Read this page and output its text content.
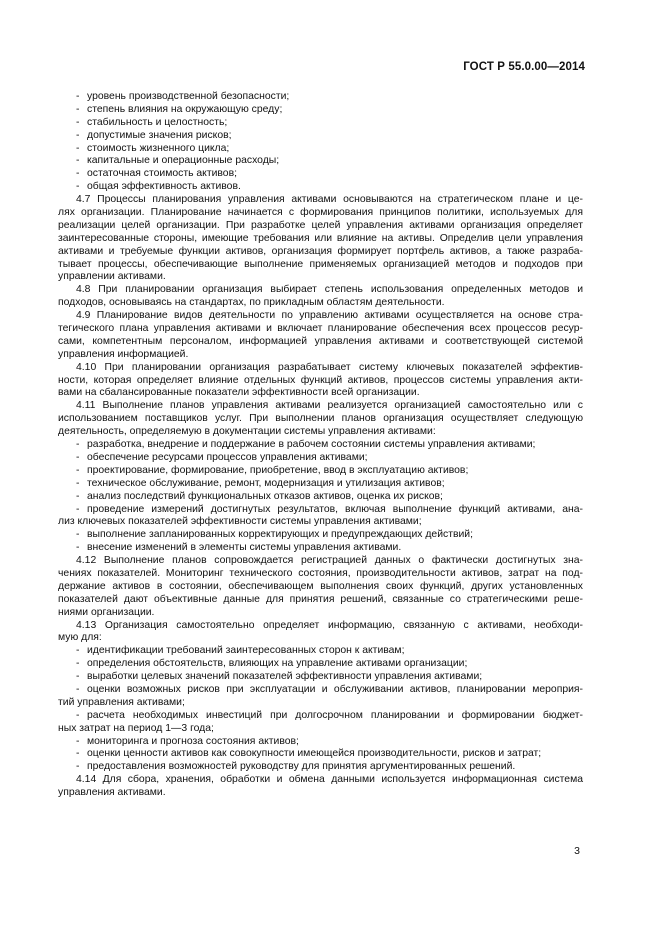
ГОСТ Р 55.0.00—2014
- уровень производственной безопасности;
- степень влияния на окружающую среду;
- стабильность и целостность;
- допустимые значения рисков;
- стоимость жизненного цикла;
- капитальные и операционные расходы;
- остаточная стоимость активов;
- общая эффективность активов.
4.7 Процессы планирования управления активами основываются на стратегическом плане и це-
лях организации. Планирование начинается с формирования принципов политики, используемых для
реализации целей организации. При разработке целей управления активами организация определяет
заинтересованные стороны, имеющие требования или влияние на активы. Определив цели управления
активами и требуемые функции активов, организация формирует портфель активов, а также разраба-
тывает процессы, обеспечивающие выполнение применяемых организацией методов и подходов при
управлении активами.
4.8 При планировании организация выбирает степень использования определенных методов и
подходов, основываясь на стандартах, по прикладным областям деятельности.
4.9 Планирование видов деятельности по управлению активами осуществляется на основе стра-
тегического плана управления активами и включает планирование обеспечения всех процессов ресур-
сами, компетентным персоналом, информацией управления активами и соответствующей системой
управления информацией.
4.10 При планировании организация разрабатывает систему ключевых показателей эффектив-
ности, которая определяет влияние отдельных функций активов, процессов системы управления акти-
вами на сбалансированные показатели эффективности всей организации.
4.11 Выполнение планов управления активами реализуется организацией самостоятельно или с
использованием поставщиков услуг. При выполнении планов организация осуществляет следующую
деятельность, определяемую в документации системы управления активами:
- разработка, внедрение и поддержание в рабочем состоянии системы управления активами;
- обеспечение ресурсами процессов управления активами;
- проектирование, формирование, приобретение, ввод в эксплуатацию активов;
- техническое обслуживание, ремонт, модернизация и утилизация активов;
- анализ последствий функциональных отказов активов, оценка их рисков;
- проведение измерений достигнутых результатов, включая выполнение функций активами, ана-
лиз ключевых показателей эффективности системы управления активами;
- выполнение запланированных корректирующих и предупреждающих действий;
- внесение изменений в элементы системы управления активами.
4.12 Выполнение планов сопровождается регистрацией данных о фактически достигнутых зна-
чениях показателей. Мониторинг технического состояния, производительности активов, затрат на под-
держание активов в состоянии, обеспечивающем выполнения своих функций, других установленных
показателей дают объективные данные для принятия решений, связанные со стратегическими реше-
ниями организации.
4.13 Организация самостоятельно определяет информацию, связанную с активами, необходи-
мую для:
- идентификации требований заинтересованных сторон к активам;
- определения обстоятельств, влияющих на управление активами организации;
- выработки целевых значений показателей эффективности управления активами;
- оценки возможных рисков при эксплуатации и обслуживании активов, планировании мероприя-
тий управления активами;
- расчета необходимых инвестиций при долгосрочном планировании и формировании бюджет-
ных затрат на период 1—3 года;
- мониторинга и прогноза состояния активов;
- оценки ценности активов как совокупности имеющейся производительности, рисков и затрат;
- предоставления возможностей руководству для принятия аргументированных решений.
4.14 Для сбора, хранения, обработки и обмена данными используется информационная система
управления активами.
3
